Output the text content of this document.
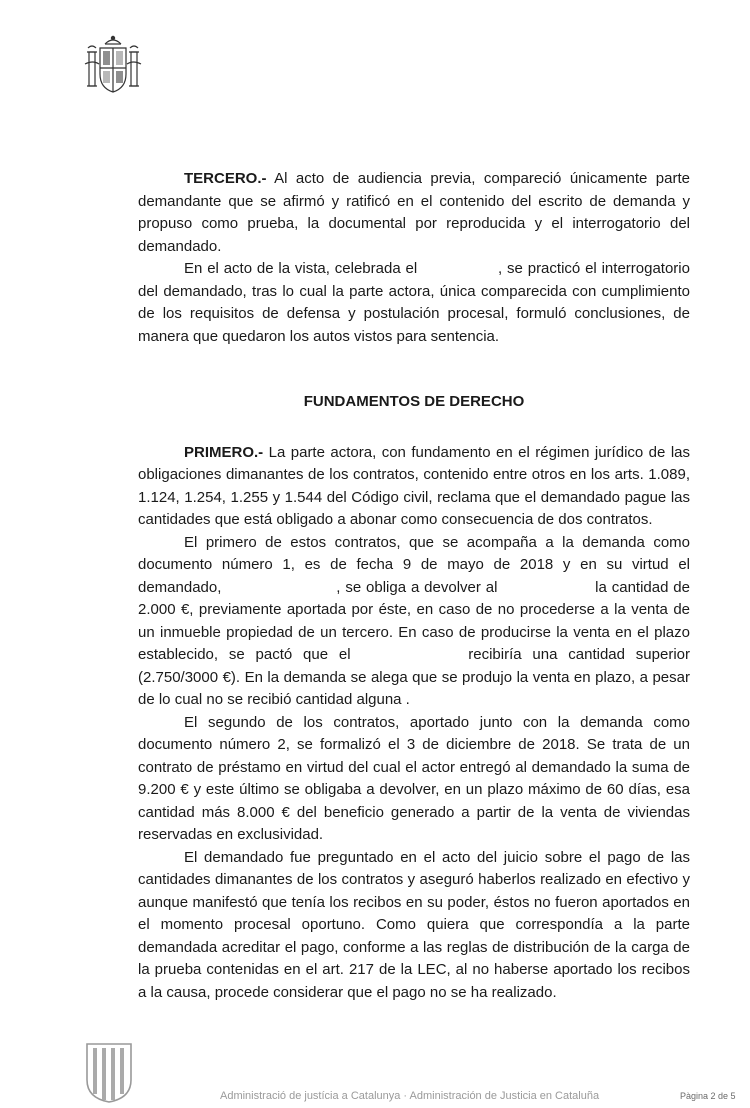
TERCERO.- Al acto de audiencia previa, compareció únicamente parte demandante que se afirmó y ratificó en el contenido del escrito de demanda y propuso como prueba, la documental por reproducida y el interrogatorio del demandado.

En el acto de la vista, celebrada el	, se practicó el interrogatorio del demandado, tras lo cual la parte actora, única comparecida con cumplimiento de los requisitos de defensa y postulación procesal, formuló conclusiones, de manera que quedaron los autos vistos para sentencia.

FUNDAMENTOS DE DERECHO

PRIMERO.- La parte actora, con fundamento en el régimen jurídico de las obligaciones dimanantes de los contratos, contenido entre otros en los arts. 1.089, 1.124, 1.254, 1.255 y 1.544 del Código civil, reclama que el demandado pague las cantidades que está obligado a abonar como consecuencia de dos contratos.

El primero de estos contratos, que se acompaña a la demanda como documento número 1, es de fecha 9 de mayo de 2018 y en su virtud el demandado,	, se obliga a devolver al	la cantidad de 2.000 €, previamente aportada por éste, en caso de no procederse a la venta de un inmueble propiedad de un tercero. En caso de producirse la venta en el plazo establecido, se pactó que el	recibiría una cantidad superior (2.750/3000 €). En la demanda se alega que se produjo la venta en plazo, a pesar de lo cual no se recibió cantidad alguna .

El segundo de los contratos, aportado junto con la demanda como documento número 2, se formalizó el 3 de diciembre de 2018. Se trata de un contrato de préstamo en virtud del cual el actor entregó al demandado la suma de 9.200 € y este último se obligaba a devolver, en un plazo máximo de 60 días, esa cantidad más 8.000 € del beneficio generado a partir de la venta de viviendas reservadas en exclusividad.

El demandado fue preguntado en el acto del juicio sobre el pago de las cantidades dimanantes de los contratos y aseguró haberlos realizado en efectivo y aunque manifestó que tenía los recibos en su poder, éstos no fueron aportados en el momento procesal oportuno. Como quiera que correspondía a la parte demandada acreditar el pago, conforme a las reglas de distribución de la carga de la prueba contenidas en el art. 217 de la LEC, al no haberse aportado los recibos a la causa, procede considerar que el pago no se ha realizado.

Administració de justícia a Catalunya · Administración de Justicia en Cataluña	Pàgina 2 de 5
